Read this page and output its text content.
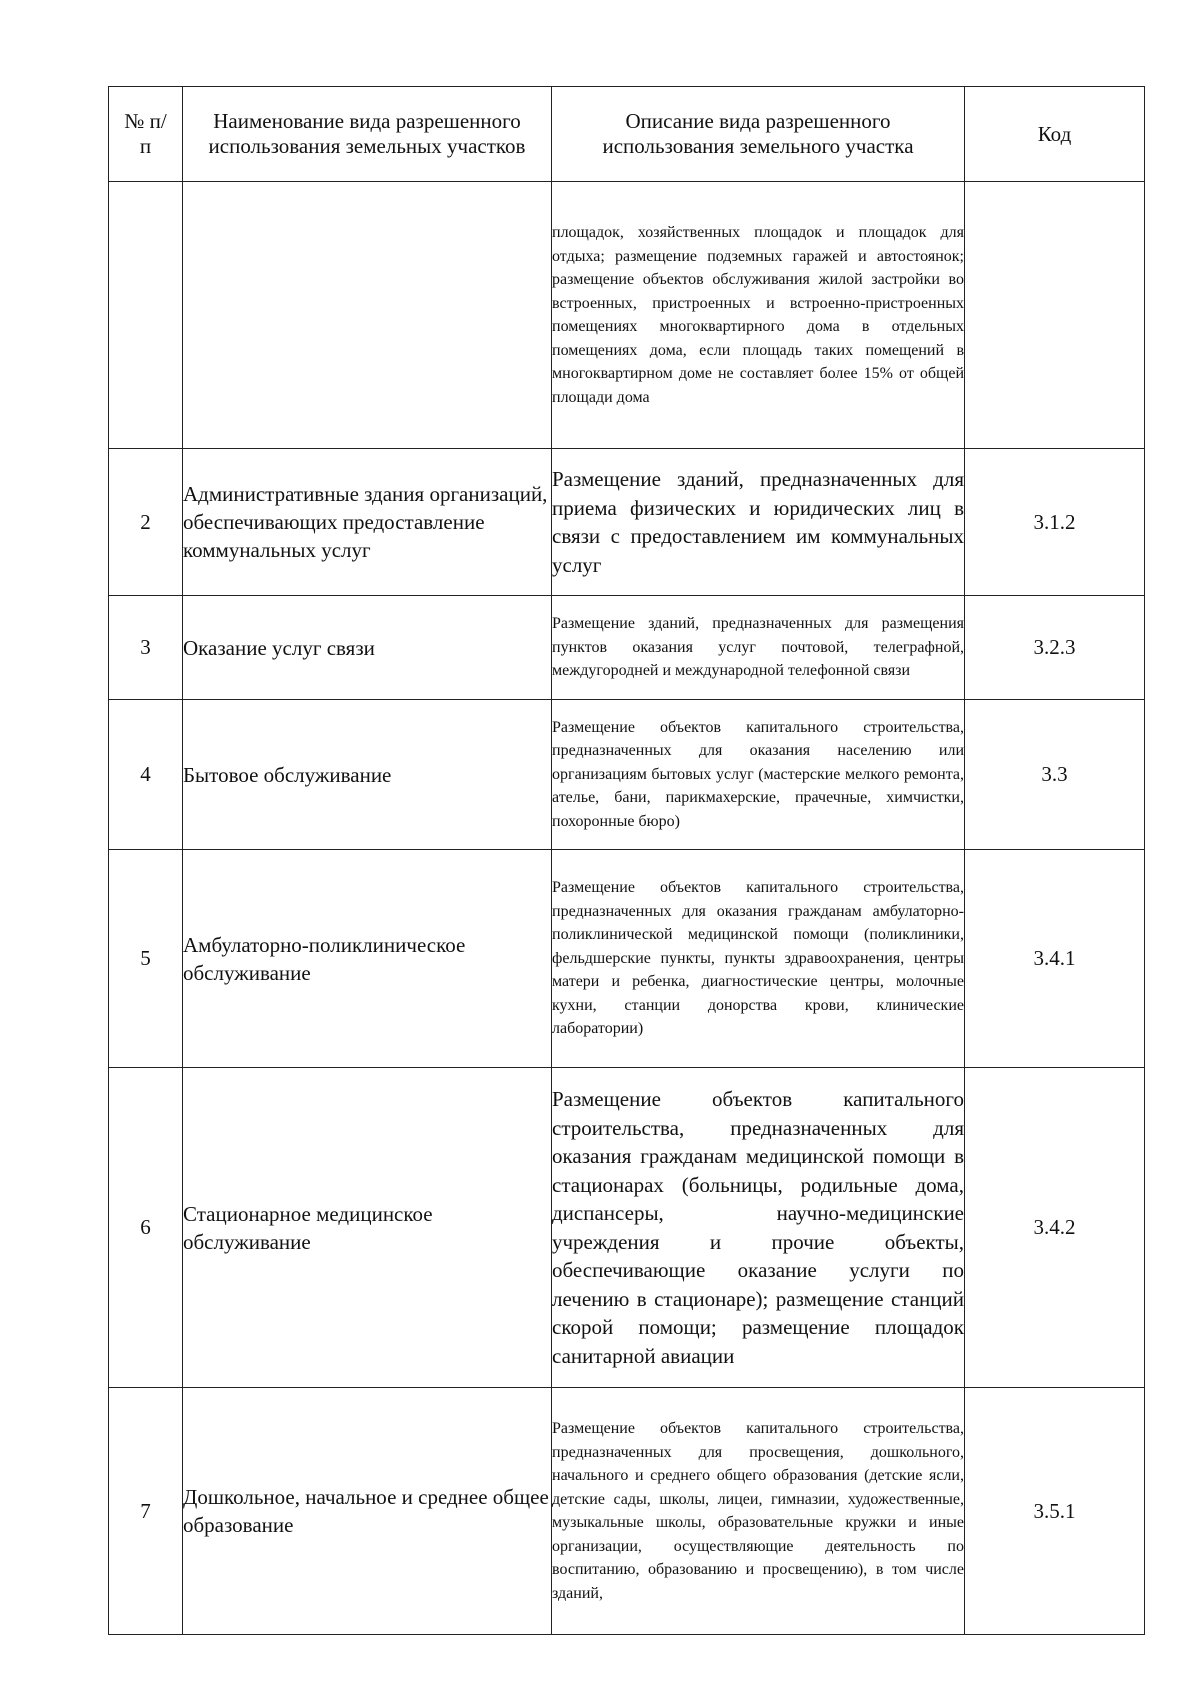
№ п/п	Наименование вида разрешенного использования земельных участков	Описание вида разрешенного использования земельного участка	Код
		площадок, хозяйственных площадок и площадок для отдыха; размещение подземных гаражей и автостоянок; размещение объектов обслуживания жилой застройки во встроенных, пристроенных и встроенно-пристроенных помещениях многоквартирного дома в отдельных помещениях дома, если площадь таких помещений в многоквартирном доме не составляет более 15% от общей площади дома	
2	Административные здания организаций, обеспечивающих предоставление коммунальных услуг	Размещение зданий, предназначенных для приема физических и юридических лиц в связи с предоставлением им коммунальных услуг	3.1.2
3	Оказание услуг связи	Размещение зданий, предназначенных для размещения пунктов оказания услуг почтовой, телеграфной, междугородней и международной телефонной связи	3.2.3
4	Бытовое обслуживание	Размещение объектов капитального строительства, предназначенных для оказания населению или организациям бытовых услуг (мастерские мелкого ремонта, ателье, бани, парикмахерские, прачечные, химчистки, похоронные бюро)	3.3
5	Амбулаторно-поликлиническое обслуживание	Размещение объектов капитального строительства, предназначенных для оказания гражданам амбулаторно-поликлинической медицинской помощи (поликлиники, фельдшерские пункты, пункты здравоохранения, центры матери и ребенка, диагностические центры, молочные кухни, станции донорства крови, клинические лаборатории)	3.4.1
6	Стационарное медицинское обслуживание	Размещение объектов капитального строительства, предназначенных для оказания гражданам медицинской помощи в стационарах (больницы, родильные дома, диспансеры, научно-медицинские учреждения и прочие объекты, обеспечивающие оказание услуги по лечению в стационаре); размещение станций скорой помощи; размещение площадок санитарной авиации	3.4.2
7	Дошкольное, начальное и среднее общее образование	Размещение объектов капитального строительства, предназначенных для просвещения, дошкольного, начального и среднего общего образования (детские ясли, детские сады, школы, лицеи, гимназии, художественные, музыкальные школы, образовательные кружки и иные организации, осуществляющие деятельность по воспитанию, образованию и просвещению), в том числе зданий,	3.5.1
